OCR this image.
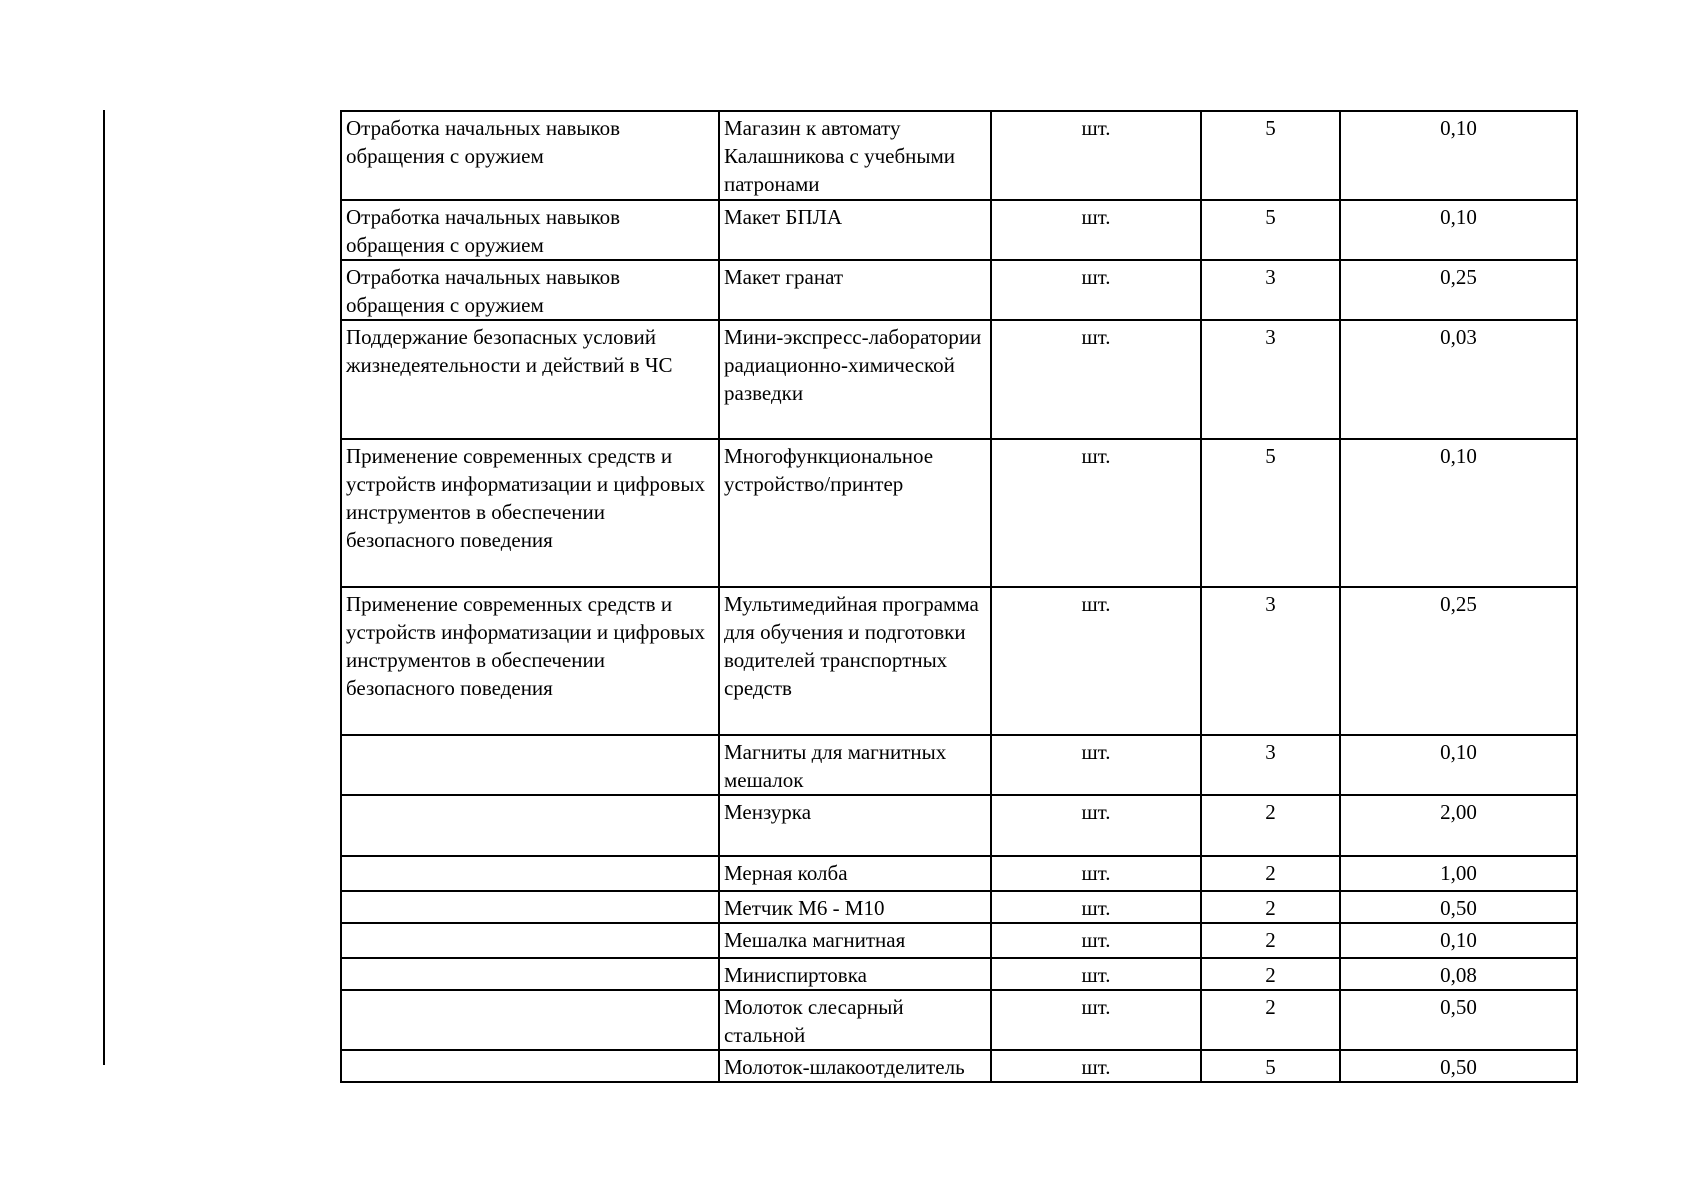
Отработка начальных навыков обращения с оружием	Магазин к автомату Калашникова с учебными патронами	шт.	5	0,10
Отработка начальных навыков обращения с оружием	Макет БПЛА	шт.	5	0,10
Отработка начальных навыков обращения с оружием	Макет гранат	шт.	3	0,25
Поддержание безопасных условий жизнедеятельности и действий в ЧС	Мини-экспресс-лаборатории радиационно-химической разведки	шт.	3	0,03
Применение современных средств и устройств информатизации и цифровых инструментов в обеспечении безопасного поведения	Многофункциональное устройство/принтер	шт.	5	0,10
Применение современных средств и устройств информатизации и цифровых инструментов в обеспечении безопасного поведения	Мультимедийная программа для обучения и подготовки водителей транспортных средств	шт.	3	0,25
	Магниты для магнитных мешалок	шт.	3	0,10
	Мензурка	шт.	2	2,00
	Мерная колба	шт.	2	1,00
	Метчик М6 - М10	шт.	2	0,50
	Мешалка магнитная	шт.	2	0,10
	Миниспиртовка	шт.	2	0,08
	Молоток слесарный стальной	шт.	2	0,50
	Молоток-шлакоотделитель	шт.	5	0,50
